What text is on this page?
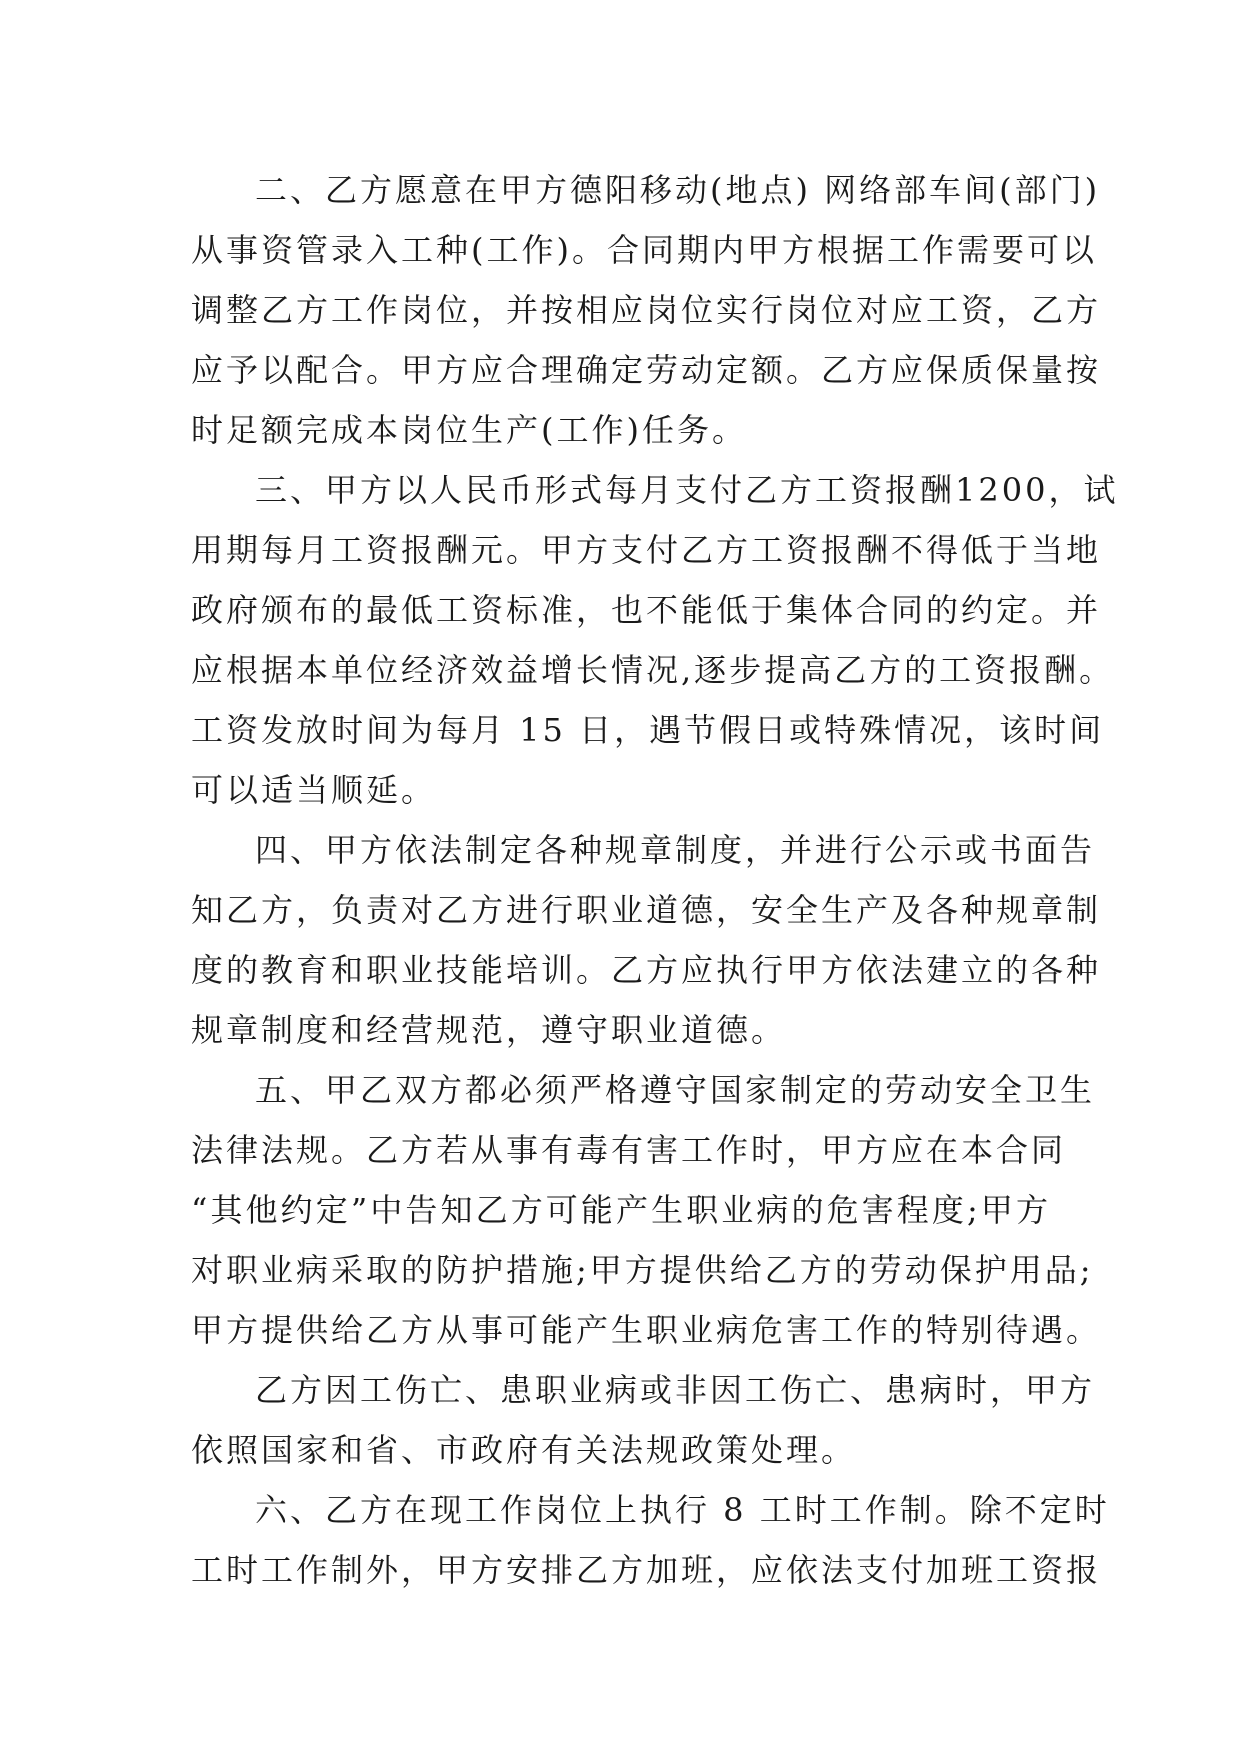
二、乙方愿意在甲方德阳移动(地点) 网络部车间(部门)
从事资管录入工种(工作)。合同期内甲方根据工作需要可以
调整乙方工作岗位，并按相应岗位实行岗位对应工资，乙方
应予以配合。甲方应合理确定劳动定额。乙方应保质保量按
时足额完成本岗位生产(工作)任务。

三、甲方以人民币形式每月支付乙方工资报酬1200，试
用期每月工资报酬元。甲方支付乙方工资报酬不得低于当地
政府颁布的最低工资标准，也不能低于集体合同的约定。并
应根据本单位经济效益增长情况,逐步提高乙方的工资报酬。
工资发放时间为每月 15 日，遇节假日或特殊情况，该时间
可以适当顺延。

四、甲方依法制定各种规章制度，并进行公示或书面告
知乙方，负责对乙方进行职业道德，安全生产及各种规章制
度的教育和职业技能培训。乙方应执行甲方依法建立的各种
规章制度和经营规范，遵守职业道德。

五、甲乙双方都必须严格遵守国家制定的劳动安全卫生
法律法规。乙方若从事有毒有害工作时，甲方应在本合同
“其他约定”中告知乙方可能产生职业病的危害程度;甲方
对职业病采取的防护措施;甲方提供给乙方的劳动保护用品;
甲方提供给乙方从事可能产生职业病危害工作的特别待遇。

乙方因工伤亡、患职业病或非因工伤亡、患病时，甲方
依照国家和省、市政府有关法规政策处理。

六、乙方在现工作岗位上执行 8 工时工作制。除不定时
工时工作制外，甲方安排乙方加班，应依法支付加班工资报
